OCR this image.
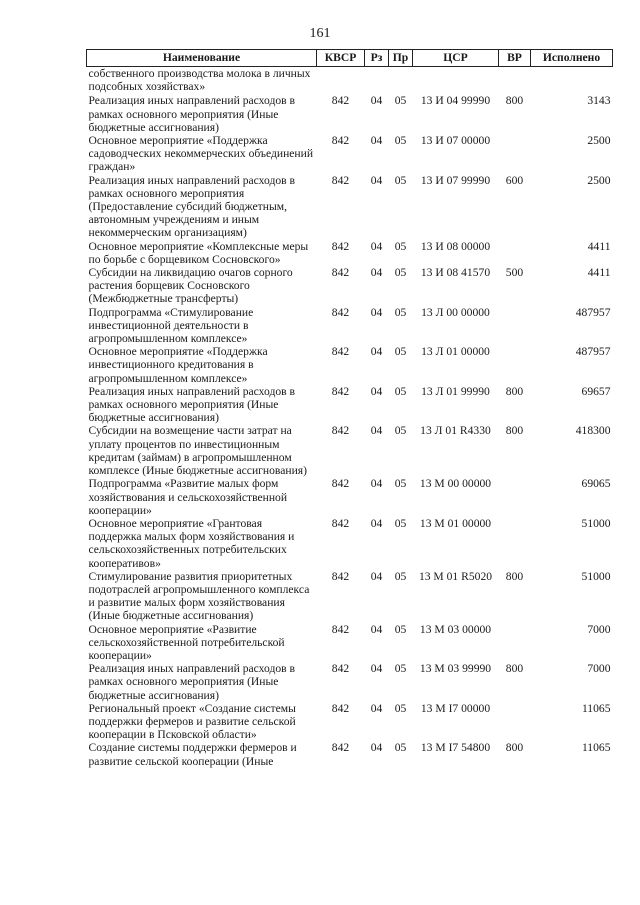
161
Наименование	КВСР	Рз	Пр	ЦСР	ВР	Исполнено
собственного производства молока в личных подсобных хозяйствах»						
Реализация иных направлений расходов в рамках основного мероприятия (Иные бюджетные ассигнования)	842	04	05	13 И 04 99990	800	3143
Основное мероприятие «Поддержка садоводческих некоммерческих объединений граждан»	842	04	05	13 И 07 00000		2500
Реализация иных направлений расходов в рамках основного мероприятия (Предоставление субсидий бюджетным, автономным учреждениям и иным некоммерческим организациям)	842	04	05	13 И 07 99990	600	2500
Основное мероприятие «Комплексные меры по борьбе с борщевиком Сосновского»	842	04	05	13 И 08 00000		4411
Субсидии на ликвидацию очагов сорного растения борщевик Сосновского (Межбюджетные трансферты)	842	04	05	13 И 08 41570	500	4411
Подпрограмма «Стимулирование инвестиционной деятельности в агропромышленном комплексе»	842	04	05	13 Л 00 00000		487957
Основное мероприятие «Поддержка инвестиционного кредитования в агропромышленном комплексе»	842	04	05	13 Л 01 00000		487957
Реализация иных направлений расходов в рамках основного мероприятия (Иные бюджетные ассигнования)	842	04	05	13 Л 01 99990	800	69657
Субсидии на возмещение части затрат на уплату процентов по инвестиционным кредитам (займам) в агропромышленном комплексе (Иные бюджетные ассигнования)	842	04	05	13 Л 01 R4330	800	418300
Подпрограмма «Развитие малых форм хозяйствования и сельскохозяйственной кооперации»	842	04	05	13 М 00 00000		69065
Основное мероприятие «Грантовая поддержка малых форм хозяйствования и сельскохозяйственных потребительских кооперативов»	842	04	05	13 М 01 00000		51000
Стимулирование развития приоритетных подотраслей агропромышленного комплекса и развитие малых форм хозяйствования (Иные бюджетные ассигнования)	842	04	05	13 М 01 R5020	800	51000
Основное мероприятие «Развитие сельскохозяйственной потребительской кооперации»	842	04	05	13 М 03 00000		7000
Реализация иных направлений расходов в рамках основного мероприятия (Иные бюджетные ассигнования)	842	04	05	13 М 03 99990	800	7000
Региональный проект «Создание системы поддержки фермеров и развитие сельской кооперации в Псковской области»	842	04	05	13 М I7 00000		11065
Создание системы поддержки фермеров и развитие сельской кооперации (Иные	842	04	05	13 М I7 54800	800	11065
